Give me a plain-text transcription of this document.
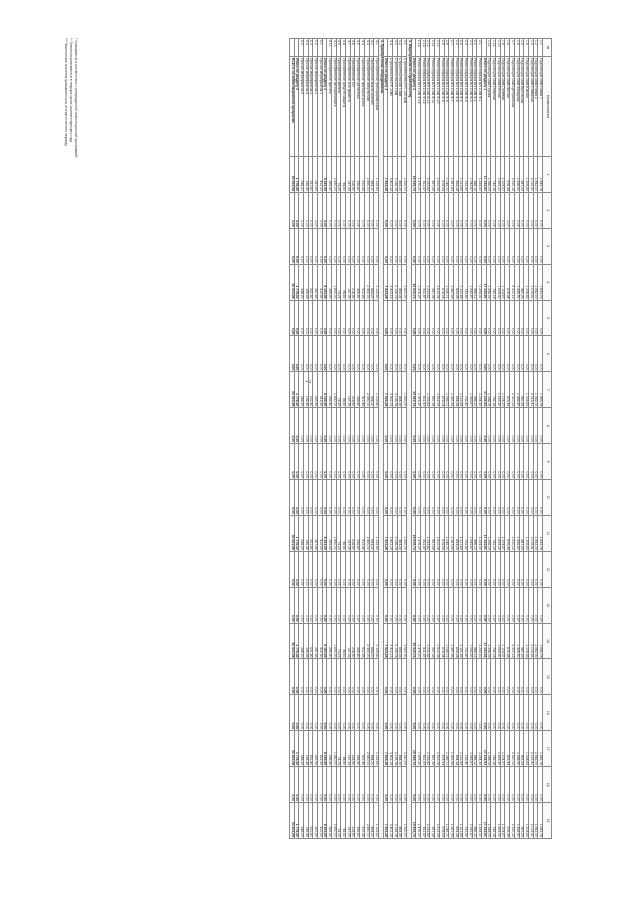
7
№	Наименование	1	2	3	4	5	6	7	8	9	10	11	12	13	14	15	16	17	18	19
1.1	Подстанция 35кВ Новая 1	1 843,78	0,00	0,00	1 843,78	0,00	0,00	1 843,78	0,00	0,00	0,00	1 843,78	0,00	0,00	1 843,78	0,00	0,00	1 843,78	0,00	1 843,78
1.2	Подстанция 35кВ Новая 2	1 562,00	0,00	0,00	1 562,00	0,00	0,00	1 562,00	0,00	0,00	0,00	1 562,00	0,00	0,00	1 562,00	0,00	0,00	1 562,00	0,00	1 562,00
1.3	Подстанция 35кВ Северная	2 015,41	0,00	0,00	2 015,41	0,00	0,00	2 015,41	0,00	0,00	0,00	2 015,41	0,00	0,00	2 015,41	0,00	0,00	2 015,41	0,00	2 015,41
1.4	Подстанция 35кВ Южная	1 208,63	0,00	0,00	1 208,63	0,00	0,00	1 208,63	0,00	0,00	0,00	1 208,63	0,00	0,00	1 208,63	0,00	0,00	1 208,63	0,00	1 208,63
1.5	Подстанция 35кВ Восточная	987,25	0,00	0,00	987,25	0,00	0,00	987,25	0,00	0,00	0,00	987,25	0,00	0,00	987,25	0,00	0,00	987,25	0,00	987,25
1.6	Подстанция 35кВ Западная	1 436,90	0,00	0,00	1 436,90	0,00	0,00	1 436,90	0,00	0,00	0,00	1 436,90	0,00	0,00	1 436,90	0,00	0,00	1 436,90	0,00	1 436,90
1.7	Подстанция 35кВ Центральная	2 310,12	0,00	0,00	2 310,12	0,00	0,00	2 310,12	0,00	0,00	0,00	2 310,12	0,00	0,00	2 310,12	0,00	0,00	2 310,12	0,00	2 310,12
1.8	Подстанция 35кВ Лесная	876,44	0,00	0,00	876,44	0,00	0,00	876,44	0,00	0,00	0,00	876,44	0,00	0,00	876,44	0,00	0,00	876,44	0,00	876,44
1.9	Подстанция 35кВ Полевая	1 104,57	0,00	0,00	1 104,57	0,00	0,00	1 104,57	0,00	0,00	0,00	1 104,57	0,00	0,00	1 104,57	0,00	0,00	1 104,57	0,00	1 104,57
1.10	Подстанция 35кВ Речная	1 659,30	0,00	0,00	1 659,30	0,00	0,00	1 659,30	0,00	0,00	0,00	1 659,30	0,00	0,00	1 659,30	0,00	0,00	1 659,30	0,00	1 659,30
1.11	Подстанция 35кВ Озерная	742,16	0,00	0,00	742,16	0,00	0,00	742,16	0,00	0,00	0,00	742,16	0,00	0,00	742,16	0,00	0,00	742,16	0,00	742,16
1.12	Подстанция 35кВ Горная	1 398,05	0,00	0,00	1 398,05	0,00	0,00	1 398,05	0,00	0,00	0,00	1 398,05	0,00	0,00	1 398,05	0,00	0,00	1 398,05	0,00	1 398,05
	Итого по разделу 1	17 144,61	0,00	0,00	17 144,61	0,00	0,00	17 144,61	0,00	0,00	0,00	17 144,61	0,00	0,00	17 144,61	0,00	0,00	17 144,61	0,00	17 144,61
2.1	Реконструкция ВЛ 10кВ Ф-1	1 254,30	0,00	0,00	1 254,30	0,00	0,00	1 254,30	0,00	0,00	0,00	1 254,30	0,00	0,00	1 254,30	0,00	0,00	1 254,30	0,00	1 254,30
2.2	Реконструкция ВЛ 10кВ Ф-2	986,12	0,00	0,00	986,12	0,00	0,00	986,12	0,00	0,00	0,00	986,12	0,00	0,00	986,12	0,00	0,00	986,12	0,00	986,12
2.3	Реконструкция ВЛ 10кВ Ф-3	1 543,87	0,00	0,00	1 543,87	0,00	0,00	1 543,87	0,00	0,00	0,00	1 543,87	0,00	0,00	1 543,87	0,00	0,00	1 543,87	0,00	1 543,87
2.4	Реконструкция ВЛ 10кВ Ф-4	732,40	0,00	0,00	732,40	0,00	0,00	732,40	0,00	0,00	0,00	732,40	0,00	0,00	732,40	0,00	0,00	732,40	0,00	732,40
2.5	Реконструкция ВЛ 10кВ Ф-5	1 121,65	0,00	0,00	1 121,65	0,00	0,00	1 121,65	0,00	0,00	0,00	1 121,65	0,00	0,00	1 121,65	0,00	0,00	1 121,65	0,00	1 121,65
2.6	Реконструкция ВЛ 10кВ Ф-6	894,28	0,00	0,00	894,28	0,00	0,00	894,28	0,00	0,00	0,00	894,28	0,00	0,00	894,28	0,00	0,00	894,28	0,00	894,28
2.7	Реконструкция ВЛ 10кВ Ф-7	1 367,93	0,00	0,00	1 367,93	0,00	0,00	1 367,93	0,00	0,00	0,00	1 367,93	0,00	0,00	1 367,93	0,00	0,00	1 367,93	0,00	1 367,93
2.8	Реконструкция ВЛ 10кВ Ф-8	1 045,71	0,00	0,00	1 045,71	0,00	0,00	1 045,71	0,00	0,00	0,00	1 045,71	0,00	0,00	1 045,71	0,00	0,00	1 045,71	0,00	1 045,71
2.9	Реконструкция ВЛ 10кВ Ф-9	678,54	0,00	0,00	678,54	0,00	0,00	678,54	0,00	0,00	0,00	678,54	0,00	0,00	678,54	0,00	0,00	678,54	0,00	678,54
2.10	Реконструкция ВЛ 10кВ Ф-10	1 812,06	0,00	0,00	1 812,06	0,00	0,00	1 812,06	0,00	0,00	0,00	1 812,06	0,00	0,00	1 812,06	0,00	0,00	1 812,06	0,00	1 812,06
2.11	Реконструкция ВЛ 10кВ Ф-11	957,39	0,00	0,00	957,39	0,00	0,00	957,39	0,00	0,00	0,00	957,39	0,00	0,00	957,39	0,00	0,00	957,39	0,00	957,39
2.12	Реконструкция ВЛ 10кВ Ф-12	1 233,82	0,00	0,00	1 233,82	0,00	0,00	1 233,82	0,00	0,00	0,00	1 233,82	0,00	0,00	1 233,82	0,00	0,00	1 233,82	0,00	1 233,82
2.13	Реконструкция ВЛ 10кВ Ф-13	811,47	0,00	0,00	811,47	0,00	0,00	811,47	0,00	0,00	0,00	811,47	0,00	0,00	811,47	0,00	0,00	811,47	0,00	811,47
2.14	Реконструкция ВЛ 10кВ Ф-14	1 476,20	0,00	0,00	1 476,20	0,00	0,00	1 476,20	0,00	0,00	0,00	1 476,20	0,00	0,00	1 476,20	0,00	0,00	1 476,20	0,00	1 476,20
	Итого по разделу 2	15 915,74	0,00	0,00	15 915,74	0,00	0,00	15 915,74	0,00	0,00	0,00	15 915,74	0,00	0,00	15 915,74	0,00	0,00	15 915,74	0,00	15 915,74
3. Мероприятия по строительству																				
3.1	Строительство КТП 10/0,4кВ	1 520,00	0,00	0,00	1 520,00	0,00	0,00	1 520,00	0,00	0,00	0,00	1 520,00	0,00	0,00	1 520,00	0,00	0,00	1 520,00	0,00	1 520,00
3.2	Строительство ВЛ 0,4кВ	864,35	0,00	0,00	864,35	0,00	0,00	864,35	0,00	0,00	0,00	864,35	0,00	0,00	864,35	0,00	0,00	864,35	0,00	864,35
3.3	Строительство КЛ 10кВ	2 136,78	0,00	0,00	2 136,78	0,00	0,00	2 136,78	0,00	0,00	0,00	2 136,78	0,00	0,00	2 136,78	0,00	0,00	2 136,78	0,00	2 136,78
3.4	Строительство РП 10кВ	3 402,15	0,00	0,00	3 402,15	0,00	0,00	3 402,15	0,00	0,00	0,00	3 402,15	0,00	0,00	3 402,15	0,00	0,00	3 402,15	0,00	3 402,15
	Итого по разделу 3	7 923,28	0,00	0,00	7 923,28	0,00	0,00	7 923,28	0,00	0,00	0,00	7 923,28	0,00	0,00	7 923,28	0,00	0,00	7 923,28	0,00	7 923,28
4. Приобретение оборудования																				
4.1	Приобретение трансформаторов	1 125,60	0,00	0,00	1 125,60	0,00	0,00	1 125,60	0,00	0,00	0,00	1 125,60	0,00	0,00	1 125,60	0,00	0,00	1 125,60	0,00	1 125,60
4.2	Приобретение выключателей	684,20	0,00	0,00	684,20	0,00	0,00	684,20	0,00	0,00	0,00	684,20	0,00	0,00	684,20	0,00	0,00	684,20	0,00	684,20
4.3	Приобретение спецтехники	2 450,00	0,00	0,00	2 450,00	0,00	0,00	2 450,00	0,00	0,00	0,00	2 450,00	0,00	0,00	2 450,00	0,00	0,00	2 450,00	0,00	2 450,00
4.4	Приобретение приборов учета	912,45	0,00	0,00	912,45	0,00	0,00	912,45	0,00	0,00	0,00	912,45	0,00	0,00	912,45	0,00	0,00	912,45	0,00	912,45
4.5	Приобретение оргтехники	356,80	0,00	0,00	356,80	0,00	0,00	356,80	0,00	0,00	0,00	356,80	0,00	0,00	356,80	0,00	0,00	356,80	0,00	356,80
4.6	Приобретение ПО	218,90	0,00	0,00	218,90	0,00	0,00	218,90	0,00	0,00	0,00	218,90	0,00	0,00	218,90	0,00	0,00	218,90	0,00	218,90
4.7	Приобретение инструмента	147,35	0,00	0,00	147,35	0,00	0,00	147,35	0,00	0,00	0,00	147,35	0,00	0,00	147,35	0,00	0,00	147,35	0,00	147,35
4.8	Приобретение средств защиты	98,60	0,00	0,00	98,60	0,00	0,00	98,60	0,00	0,00	0,00	98,60	0,00	0,00	98,60	0,00	0,00	98,60	0,00	98,60
4.9	Приобретение мебели	74,25	0,00	0,00	74,25	0,00	0,00	74,25	0,00	0,00	0,00	74,25	0,00	0,00	74,25	0,00	0,00	74,25	0,00	74,25
4.10	Приобретение автотранспорта	1 830,00	0,00	0,00	1 830,00	0,00	0,00	1 830,00	0,00	0,00	0,00	1 830,00	0,00	0,00	1 830,00	0,00	0,00	1 830,00	0,00	1 830,00
4.11	Приобретение прочего	265,40	0,00	0,00	265,40	0,00	0,00	265,40	0,00	0,00	0,00	265,40	0,00	0,00	265,40	0,00	0,00	265,40	0,00	265,40
	Итого по разделу 4	8 163,55	0,00	0,00	8 163,55	0,00	0,00	8 163,55	0,00	0,00	0,00	8 163,55	0,00	0,00	8 163,55	0,00	0,00	8 163,55	0,00	8 163,55
5.1	Прочие мероприятия 1	412,30	0,00	0,00	412,30	0,00	0,00	412,30	0,00	0,00	0,00	412,30	0,00	0,00	412,30	0,00	0,00	412,30	0,00	412,30
5.2	Прочие мероприятия 2	287,65	0,00	0,00	287,65	0,00	0,00	287,65	0,00	0,00	0,00	287,65	0,00	0,00	287,65	0,00	0,00	287,65	0,00	287,65
5.3	Прочие мероприятия 3	531,80	0,00	0,00	531,80	0,00	0,00	531,80	0,00	0,00	0,00	531,80	0,00	0,00	531,80	0,00	0,00	531,80	0,00	531,80
5.4	Прочие мероприятия 4	196,45	0,00	0,00	196,45	0,00	0,00	196,45	0,00	0,00	0,00	196,45	0,00	0,00	196,45	0,00	0,00	196,45	0,00	196,45
5.5	Прочие мероприятия 5	348,20	0,00	0,00	348,20	0,00	0,00	348,20	0,00	0,00	0,00	348,20	0,00	0,00	348,20	0,00	0,00	348,20	0,00	348,20
	Итого по разделу 5	1 776,40	0,00	0,00	1 776,40	0,00	0,00	1 776,40	0,00	0,00	0,00	1 776,40	0,00	0,00	1 776,40	0,00	0,00	1 776,40	0,00	1 776,40
	ВСЕГО по инвестиционной программе	50 923,58	0,00	0,00	50 923,58	0,00	0,00	50 923,58	0,00	0,00	0,00	50 923,58	0,00	0,00	50 923,58	0,00	0,00	50 923,58	0,00	50 923,58
* Указывается в соответствии с утвержденной инвестиционной программой
** Значения указываются в текущих ценах соответствующего года
*** Фактические значения указываются по итогам отчетного периода
